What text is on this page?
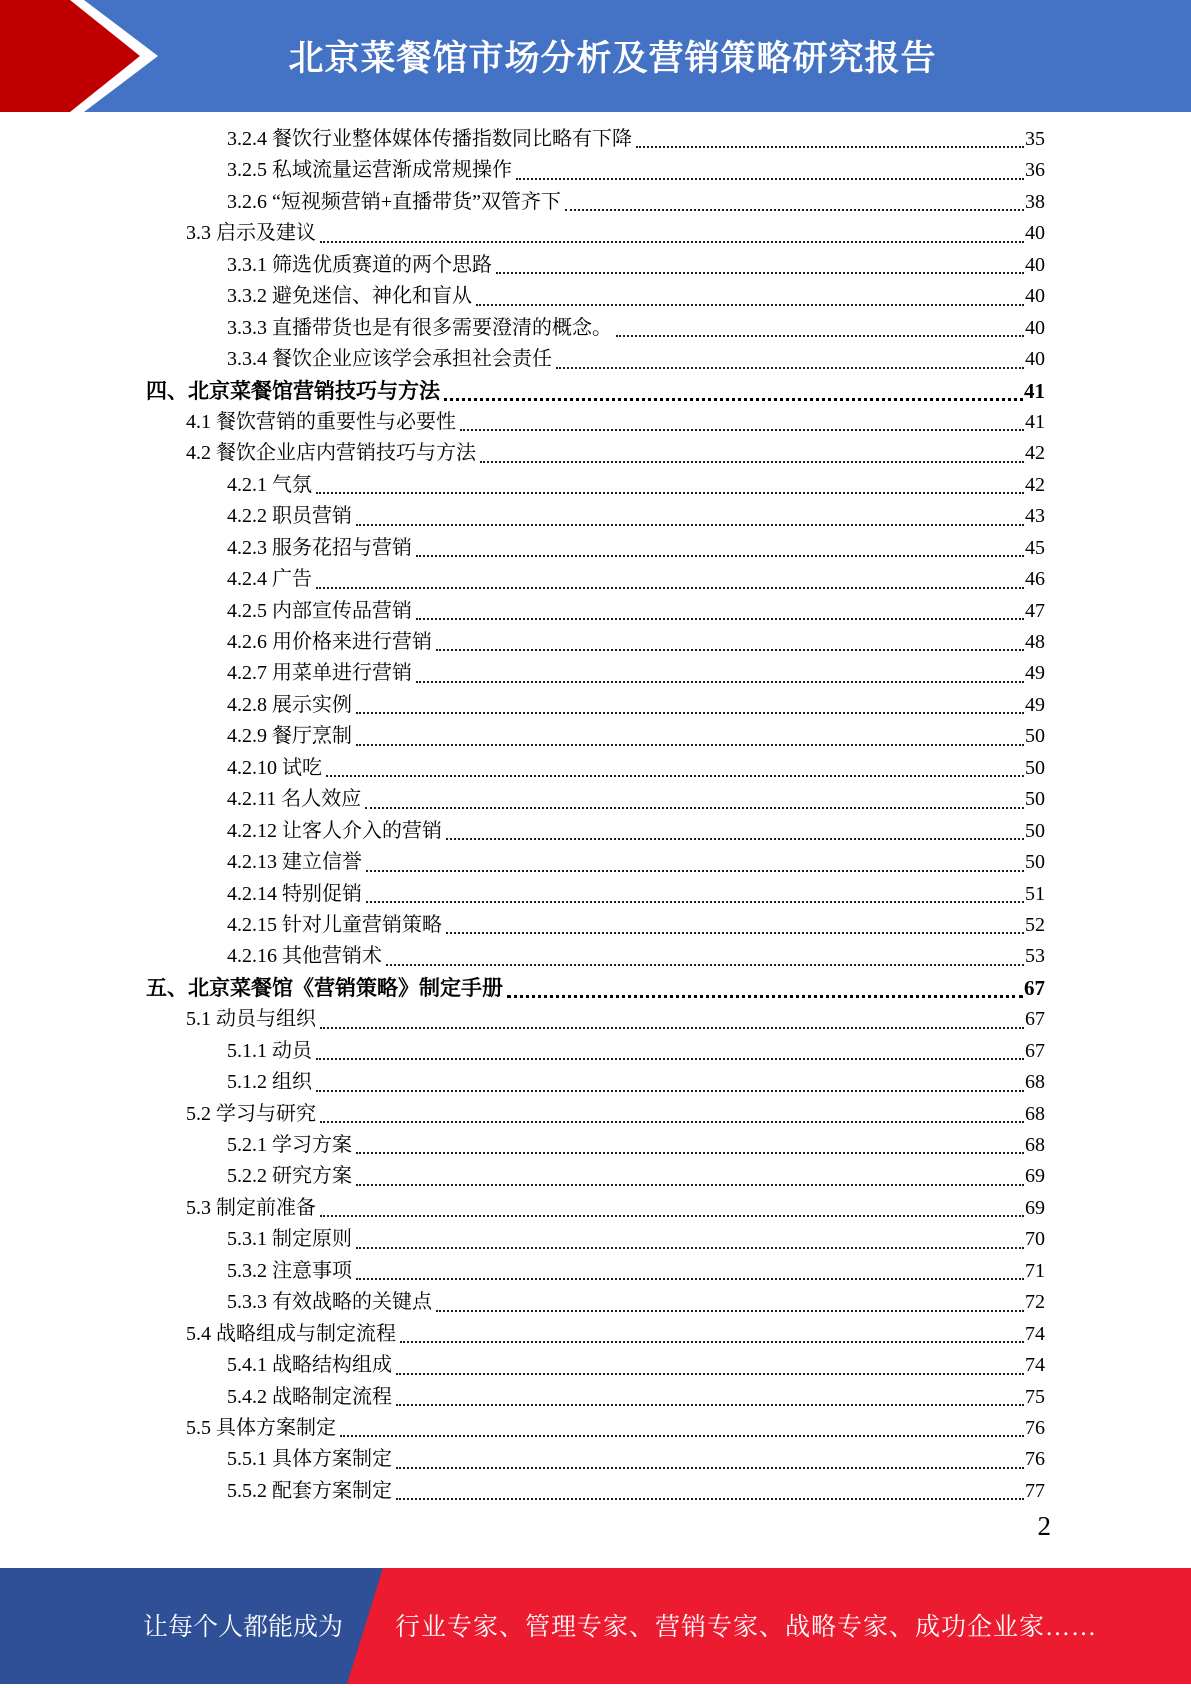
北京菜餐馆市场分析及营销策略研究报告
3.2.4 餐饮行业整体媒体传播指数同比略有下降	35
3.2.5 私域流量运营渐成常规操作	36
3.2.6 “短视频营销+直播带货”双管齐下	38
3.3 启示及建议	40
3.3.1 筛选优质赛道的两个思路	40
3.3.2 避免迷信、神化和盲从	40
3.3.3 直播带货也是有很多需要澄清的概念。	40
3.3.4 餐饮企业应该学会承担社会责任	40
四、北京菜餐馆营销技巧与方法	41
4.1 餐饮营销的重要性与必要性	41
4.2 餐饮企业店内营销技巧与方法	42
4.2.1 气氛	42
4.2.2 职员营销	43
4.2.3 服务花招与营销	45
4.2.4 广告	46
4.2.5 内部宣传品营销	47
4.2.6 用价格来进行营销	48
4.2.7 用菜单进行营销	49
4.2.8 展示实例	49
4.2.9 餐厅烹制	50
4.2.10 试吃	50
4.2.11 名人效应	50
4.2.12 让客人介入的营销	50
4.2.13 建立信誉	50
4.2.14 特别促销	51
4.2.15 针对儿童营销策略	52
4.2.16 其他营销术	53
五、北京菜餐馆《营销策略》制定手册	67
5.1 动员与组织	67
5.1.1 动员	67
5.1.2 组织	68
5.2 学习与研究	68
5.2.1 学习方案	68
5.2.2 研究方案	69
5.3 制定前准备	69
5.3.1 制定原则	70
5.3.2 注意事项	71
5.3.3 有效战略的关键点	72
5.4 战略组成与制定流程	74
5.4.1 战略结构组成	74
5.4.2 战略制定流程	75
5.5 具体方案制定	76
5.5.1 具体方案制定	76
5.5.2 配套方案制定	77
2
让每个人都能成为 行业专家、管理专家、营销专家、战略专家、成功企业家……
